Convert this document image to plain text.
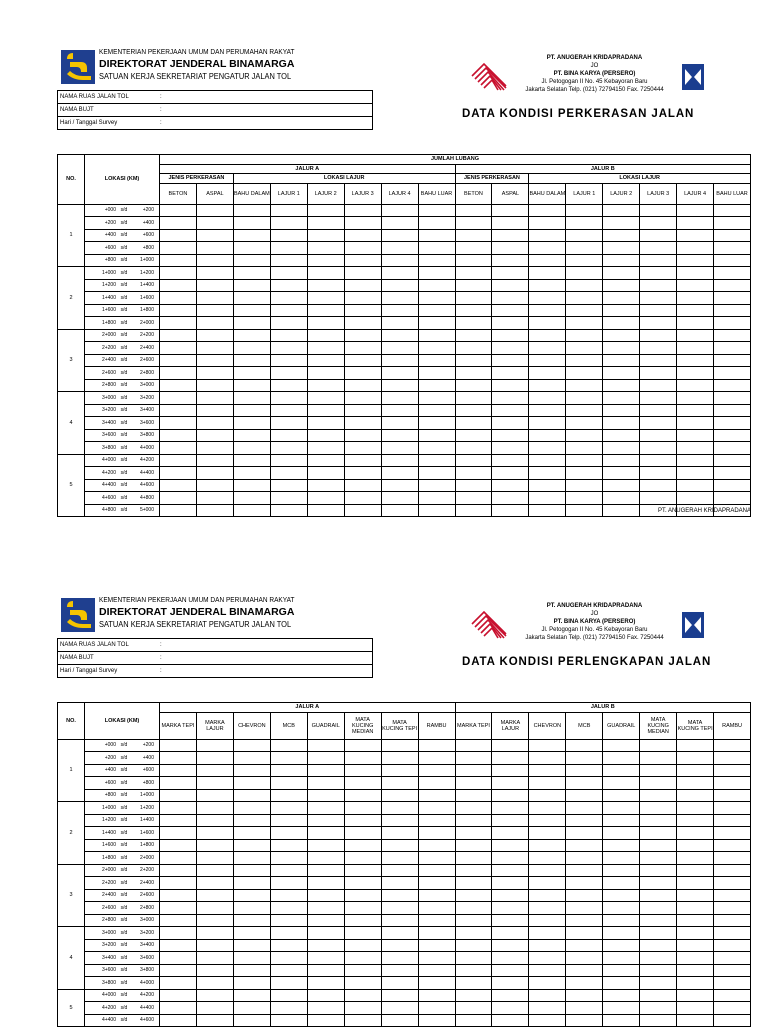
KEMENTERIAN PEKERJAAN UMUM DAN PERUMAHAN RAKYAT
DIREKTORAT JENDERAL BINAMARGA
SATUAN KERJA SEKRETARIAT PENGATUR JALAN TOL
NAMA RUAS JALAN TOL	:
NAMA BUJT	:
Hari / Tanggal Survey	:
PT. ANUGERAH KRIDAPRADANA
JO
PT. BINA KARYA (PERSERO)
Jl. Petogogan II No. 45 Kebayoran Baru
Jakarta Selatan Telp. (021) 72794150 Fax. 7250444
DATA KONDISI PERKERASAN JALAN
NO.	LOKASI (KM)	JUMLAH LUBANG															
		JALUR A								JALUR B							
		JENIS PERKERASAN		LOKASI LAJUR						JENIS PERKERASAN		LOKASI LAJUR					
		BETON	ASPAL	BAHU DALAM	LAJUR 1	LAJUR 2	LAJUR 3	LAJUR 4	BAHU LUAR	BETON	ASPAL	BAHU DALAM	LAJUR 1	LAJUR 2	LAJUR 3	LAJUR 4	BAHU LUAR
1	+000 s/d +200																
	+200 s/d +400																
	+400 s/d +600																
	+600 s/d +800																
	+800 s/d 1+000																
2	1+000 s/d 1+200																
	1+200 s/d 1+400																
	1+400 s/d 1+600																
	1+600 s/d 1+800																
	1+800 s/d 2+000																
3	2+000 s/d 2+200																
	2+200 s/d 2+400																
	2+400 s/d 2+600																
	2+600 s/d 2+800																
	2+800 s/d 3+000																
4	3+000 s/d 3+200																
	3+200 s/d 3+400																
	3+400 s/d 3+600																
	3+600 s/d 3+800																
	3+800 s/d 4+000																
5	4+000 s/d 4+200																
	4+200 s/d 4+400																
	4+400 s/d 4+600																
	4+600 s/d 4+800																
	4+800 s/d 5+000																	PT. ANUGERAH KRIDAPRADANA
KEMENTERIAN PEKERJAAN UMUM DAN PERUMAHAN RAKYAT
DIREKTORAT JENDERAL BINAMARGA
SATUAN KERJA SEKRETARIAT PENGATUR JALAN TOL
NAMA RUAS JALAN TOL	:
NAMA BUJT	:
Hari / Tanggal Survey	:
PT. ANUGERAH KRIDAPRADANA
JO
PT. BINA KARYA (PERSERO)
Jl. Petogogan II No. 45 Kebayoran Baru
Jakarta Selatan Telp. (021) 72794150 Fax. 7250444
DATA KONDISI PERLENGKAPAN JALAN
NO.	LOKASI (KM)	JALUR A								JALUR B							
		MARKA TEPI	MARKA LAJUR	CHEVRON	MCB	GUADRAIL	MATA KUCING MEDIAN	MATA KUCING TEPI	RAMBU	MARKA TEPI	MARKA LAJUR	CHEVRON	MCB	GUADRAIL	MATA KUCING MEDIAN	MATA KUCING TEPI	RAMBU
1	+000 s/d +200																
	+200 s/d +400																
	+400 s/d +600																
	+600 s/d +800																
	+800 s/d 1+000																
2	1+000 s/d 1+200																
	1+200 s/d 1+400																
	1+400 s/d 1+600																
	1+600 s/d 1+800																
	1+800 s/d 2+000																
3	2+000 s/d 2+200																
	2+200 s/d 2+400																
	2+400 s/d 2+600																
	2+600 s/d 2+800																
	2+800 s/d 3+000																
4	3+000 s/d 3+200																
	3+200 s/d 3+400																
	3+400 s/d 3+600																
	3+600 s/d 3+800																
	3+800 s/d 4+000																
5	4+000 s/d 4+200																
	4+200 s/d 4+400																
	4+400 s/d 4+600																
